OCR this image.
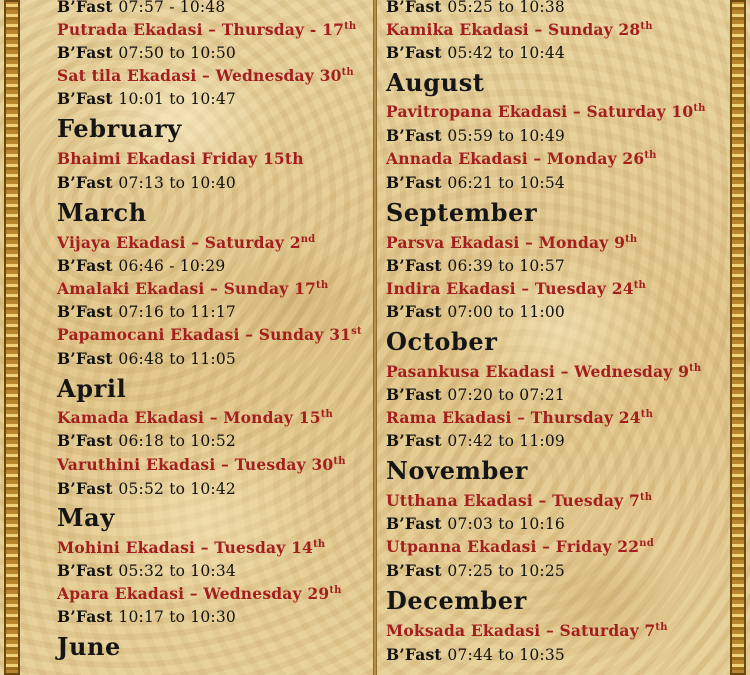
B’Fast 07:57 - 10:48
Putrada Ekadasi – Thursday - 17th
B’Fast 07:50 to 10:50
Sat tila Ekadasi – Wednesday 30th
B’Fast 10:01 to 10:47
February
Bhaimi Ekadasi Friday 15th
B’Fast 07:13 to 10:40
March
Vijaya Ekadasi – Saturday 2nd
B’Fast 06:46 - 10:29
Amalaki Ekadasi – Sunday 17th
B’Fast 07:16 to 11:17
Papamocani Ekadasi – Sunday 31st
B’Fast 06:48 to 11:05
April
Kamada Ekadasi – Monday 15th
B’Fast 06:18 to 10:52
Varuthini Ekadasi – Tuesday 30th
B’Fast 05:52 to 10:42
May
Mohini Ekadasi – Tuesday 14th
B’Fast 05:32 to 10:34
Apara Ekadasi – Wednesday 29th
B’Fast 10:17 to 10:30
June
B’Fast 05:25 to 10:38
Kamika Ekadasi – Sunday 28th
B’Fast 05:42 to 10:44
August
Pavitropana Ekadasi – Saturday 10th
B’Fast 05:59 to 10:49
Annada Ekadasi – Monday 26th
B’Fast 06:21 to 10:54
September
Parsva Ekadasi – Monday 9th
B’Fast 06:39 to 10:57
Indira Ekadasi – Tuesday 24th
B’Fast 07:00 to 11:00
October
Pasankusa Ekadasi – Wednesday 9th
B’Fast 07:20 to 07:21
Rama Ekadasi – Thursday 24th
B’Fast 07:42 to 11:09
November
Utthana Ekadasi – Tuesday 7th
B’Fast 07:03 to 10:16
Utpanna Ekadasi – Friday 22nd
B’Fast 07:25 to 10:25
December
Moksada Ekadasi – Saturday 7th
B’Fast 07:44 to 10:35
